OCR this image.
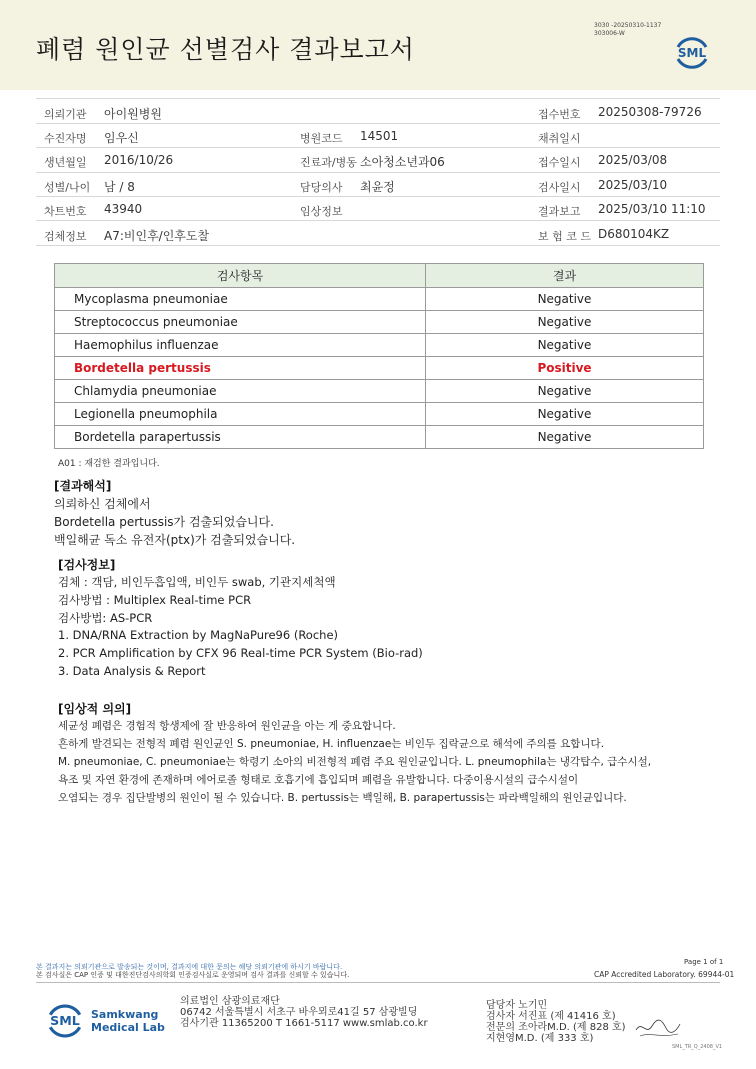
폐렴 원인균 선별검사 결과보고서
3030 -20250310-1137
303006-W
SML
의뢰기관 아이원병원	접수번호 20250308-79726
수진자명 임우신	병원코드 14501	채취일시
생년월일 2016/10/26	진료과/병동 소아청소년과06	접수일시 2025/03/08
성별/나이 남 / 8	담당의사 최윤정	검사일시 2025/03/10
차트번호 43940	임상정보	결과보고 2025/03/10 11:10
검체정보 A7:비인후/인후도찰	보 험 코 드 D680104KZ
검사항목	결과
Mycoplasma pneumoniae	Negative
Streptococcus pneumoniae	Negative
Haemophilus influenzae	Negative
Bordetella pertussis	Positive
Chlamydia pneumoniae	Negative
Legionella pneumophila	Negative
Bordetella parapertussis	Negative
A01 : 재검한 결과입니다.
[결과해석]
의뢰하신 검체에서
Bordetella pertussis가 검출되었습니다.
백일해균 독소 유전자(ptx)가 검출되었습니다.
[검사정보]
검체 : 객담, 비인두흡입액, 비인두 swab, 기관지세척액
검사방법 : Multiplex Real-time PCR
검사방법: AS-PCR
1. DNA/RNA Extraction by MagNaPure96 (Roche)
2. PCR Amplification by CFX 96 Real-time PCR System (Bio-rad)
3. Data Analysis & Report
[임상적 의의]
세균성 폐렴은 경험적 항생제에 잘 반응하여 원인균을 아는 게 중요합니다.
흔하게 발견되는 전형적 폐렴 원인균인 S. pneumoniae, H. influenzae는 비인두 집락균으로 해석에 주의를 요합니다.
M. pneumoniae, C. pneumoniae는 학령기 소아의 비전형적 폐렴 주요 원인균입니다. L. pneumophila는 냉각탑수, 급수시설,
욕조 및 자연 환경에 존재하며 에어로졸 형태로 호흡기에 흡입되며 폐렴을 유발합니다. 다중이용시설의 급수시설이
오염되는 경우 집단발병의 원인이 될 수 있습니다. B. pertussis는 백일해, B. parapertussis는 파라백일해의 원인균입니다.
Page 1 of 1
본 결과지는 의뢰기관으로 발송되는 것이며, 결과지에 대한 문의는 해당 의뢰기관에 하시기 바랍니다.
본 검사실은 CAP 인증 및 대한진단검사의학회 인증검사실로 운영되며 검사 결과를 신뢰할 수 있습니다.	CAP Accredited Laboratory. 69944-01
SML Samkwang
Medical Lab
의료법인 삼광의료재단
06742 서울특별시 서초구 바우뫼로41길 57 삼광빌딩
검사기관 11365200 T 1661-5117 www.smlab.co.kr
담당자 노기민
검사자 서진표 (제 41416 호)
전문의 조아라M.D. (제 828 호)
지현영M.D. (제 333 호)
SML_TR_Q_2408_V1
